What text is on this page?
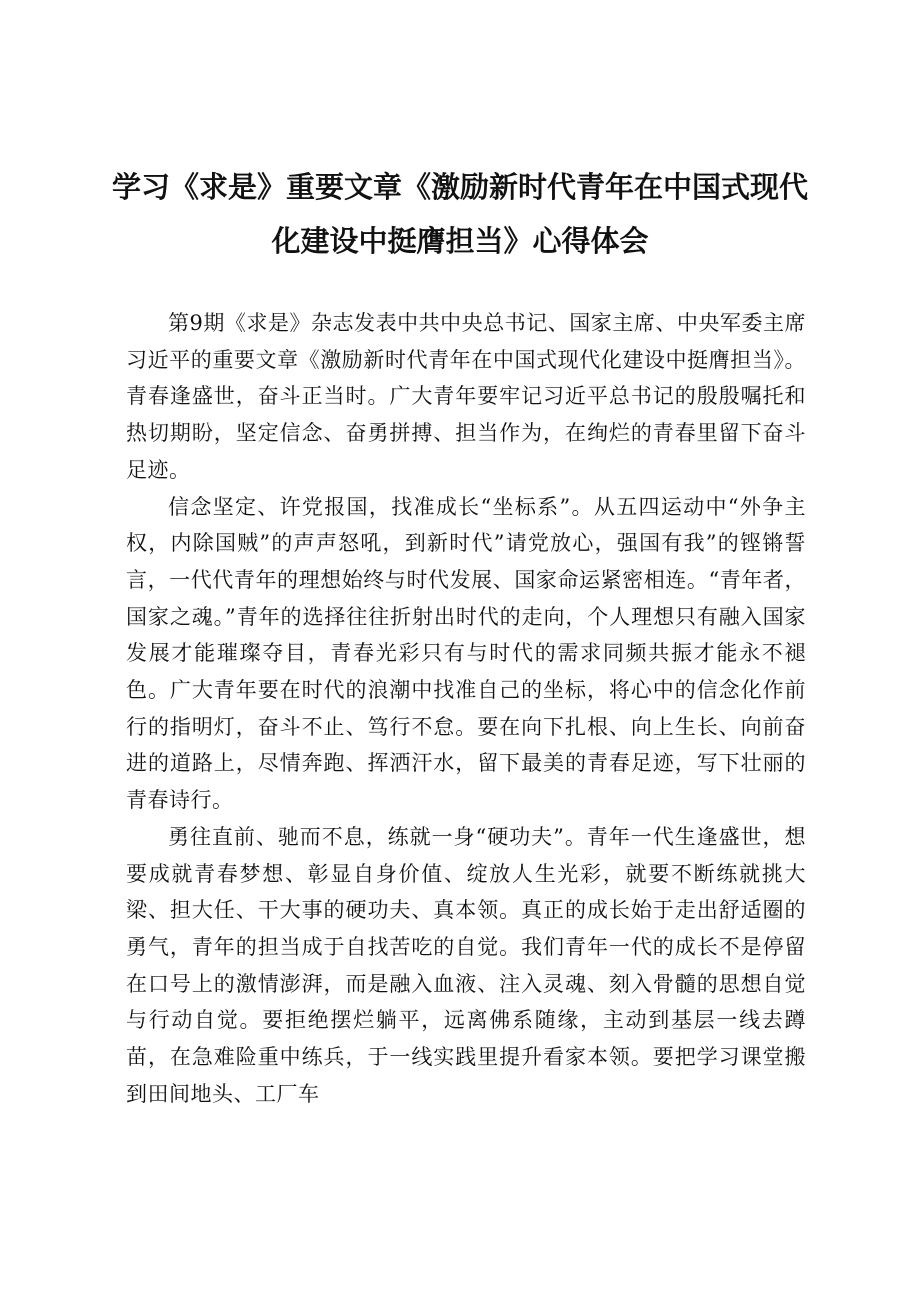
学习《求是》重要文章《激励新时代青年在中国式现代
化建设中挺膺担当》心得体会

第9期《求是》杂志发表中共中央总书记、国家主席、中央军委主席习近平的重要文章《激励新时代青年在中国式现代化建设中挺膺担当》。青春逢盛世，奋斗正当时。广大青年要牢记习近平总书记的殷殷嘱托和热切期盼，坚定信念、奋勇拼搏、担当作为，在绚烂的青春里留下奋斗足迹。

信念坚定、许党报国，找准成长“坐标系”。从五四运动中“外争主权，内除国贼”的声声怒吼，到新时代”请党放心，强国有我”的铿锵誓言，一代代青年的理想始终与时代发展、国家命运紧密相连。“青年者，国家之魂。”青年的选择往往折射出时代的走向，个人理想只有融入国家发展才能璀璨夺目，青春光彩只有与时代的需求同频共振才能永不褪色。广大青年要在时代的浪潮中找准自己的坐标，将心中的信念化作前行的指明灯，奋斗不止、笃行不怠。要在向下扎根、向上生长、向前奋进的道路上，尽情奔跑、挥洒汗水，留下最美的青春足迹，写下壮丽的青春诗行。

勇往直前、驰而不息，练就一身“硬功夫”。青年一代生逢盛世，想要成就青春梦想、彰显自身价值、绽放人生光彩，就要不断练就挑大梁、担大任、干大事的硬功夫、真本领。真正的成长始于走出舒适圈的勇气，青年的担当成于自找苦吃的自觉。我们青年一代的成长不是停留在口号上的激情澎湃，而是融入血液、注入灵魂、刻入骨髓的思想自觉与行动自觉。要拒绝摆烂躺平，远离佛系随缘，主动到基层一线去蹲苗，在急难险重中练兵，于一线实践里提升看家本领。要把学习课堂搬到田间地头、工厂车
